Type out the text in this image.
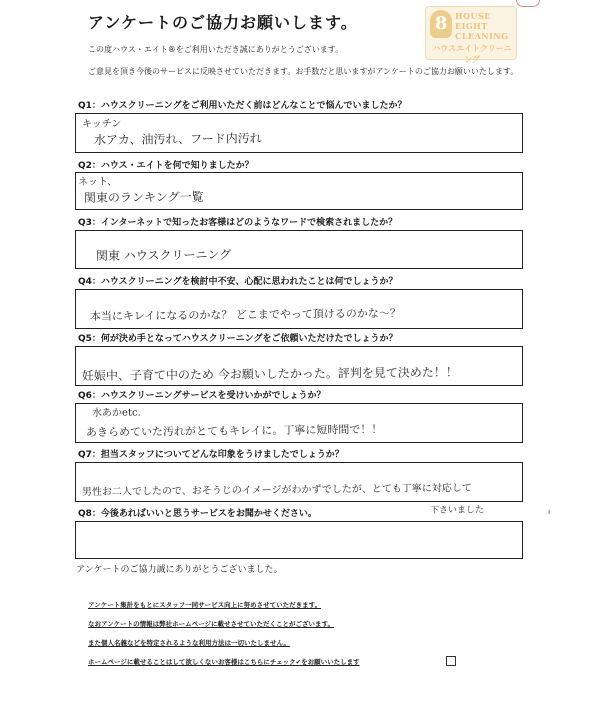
アンケートのご協力お願いします。
この度ハウス・エイト®をご利用いただき誠にありがとうございます。
ご意見を頂き今後のサービスに反映させていただきます。お手数だと思いますがアンケートのご協力お願いいたします。
8 HOUSE
EIGHT
CLEANING
ハウスエイトクリーニング
Q1：ハウスクリーニングをご利用いただく前はどんなことで悩んでいましたか？
キッチン
水アカ、油汚れ、フード内汚れ
Q2：ハウス・エイトを何で知りましたか？
ネット、
関東のランキング一覧
Q3：インターネットで知ったお客様はどのようなワードで検索されましたか？
関東 ハウスクリーニング
Q4：ハウスクリーニングを検討中不安、心配に思われたことは何でしょうか？
本当にキレイになるのかな？ どこまでやって頂けるのかな～？
Q5：何が決め手となってハウスクリーニングをご依頼いただけたでしょうか？
妊娠中、子育て中のため 今お願いしたかった。評判を見て決めた！！
Q6：ハウスクリーニングサービスを受けいかがでしょうか？
水あかetc.
あきらめていた汚れがとてもキレイに。丁寧に短時間で！！
Q7：担当スタッフについてどんな印象をうけましたでしょうか？
男性お二人でしたので、おそうじのイメージがわかずでしたが、とても丁寧に対応して
下さいました	ı
Q8：今後あればいいと思うサービスをお聞かせください。
アンケートのご協力誠にありがとうございました。
アンケート集計をもとにスタッフ一同サービス向上に努めさせていただきます。
なおアンケートの情報は弊社ホームページに載せさせていただくことがございます。
また個人名義などを特定されるような利用方法は一切いたしません。
ホームページに載せることはして欲しくないお客様はこちらにチェック✔をお願いいたします
